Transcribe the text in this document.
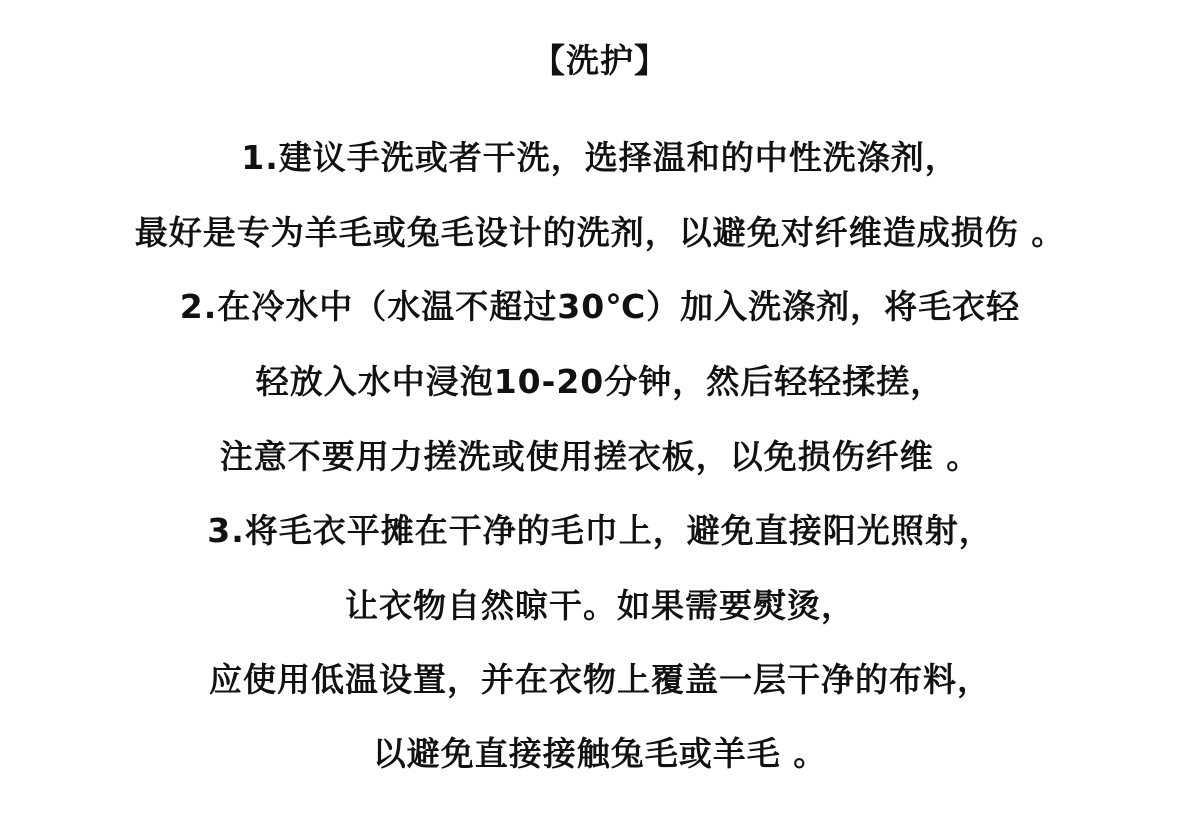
【洗护】
1.建议手洗或者干洗，选择温和的中性洗涤剂，
最好是专为羊毛或兔毛设计的洗剂，以避免对纤维造成损伤 。
2.在冷水中（水温不超过30℃）加入洗涤剂，将毛衣轻
轻放入水中浸泡10-20分钟，然后轻轻揉搓，
注意不要用力搓洗或使用搓衣板，以免损伤纤维 。
3.将毛衣平摊在干净的毛巾上，避免直接阳光照射，
让衣物自然晾干。如果需要熨烫，
应使用低温设置，并在衣物上覆盖一层干净的布料，
以避免直接接触兔毛或羊毛 。
